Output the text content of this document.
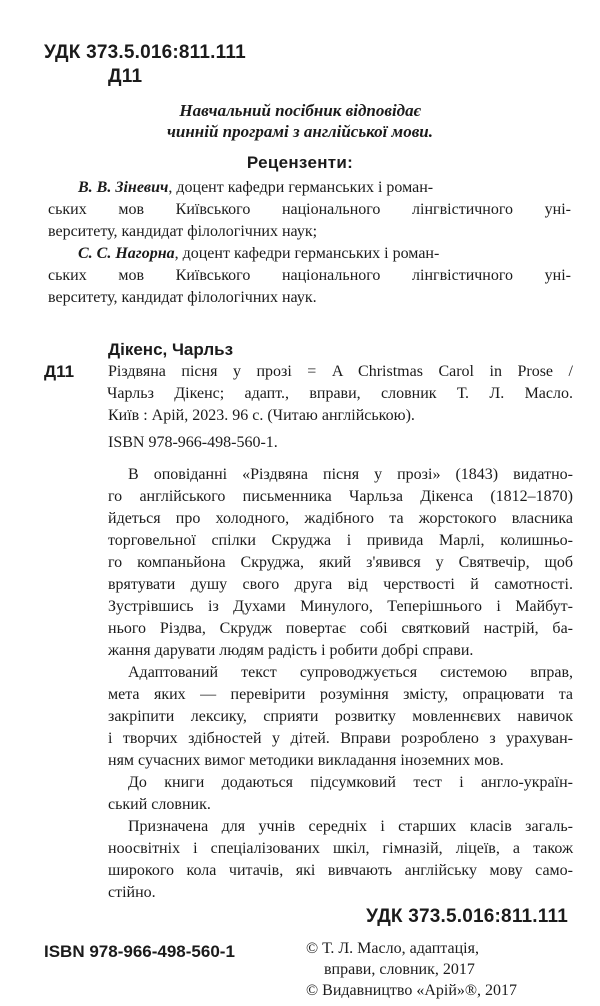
УДК 373.5.016:811.111
Д11
Навчальний посібник відповідає
чинній програмі з англійської мови.
Рецензенти:
В. В. Зіневич, доцент кафедри германських і роман-
ських мов Київського національного лінгвістичного уні-
верситету, кандидат філологічних наук;
С. С. Нагорна, доцент кафедри германських і роман-
ських мов Київського національного лінгвістичного уні-
верситету, кандидат філологічних наук.
Дікенс, Чарльз
Д11 Різдвяна пісня у прозі = A Christmas Carol in Prose /
Чарльз Дікенс; адапт., вправи, словник Т. Л. Масло.
Київ : Арій, 2023. 96 с. (Читаю англійською).
ISBN 978-966-498-560-1.
В оповіданні «Різдвяна пісня у прозі» (1843) видатно-
го англійського письменника Чарльза Дікенса (1812–1870)
йдеться про холодного, жадібного та жорстокого власника
торговельної спілки Скруджа і привида Марлі, колишньо-
го компаньйона Скруджа, який з'явився у Святвечір, щоб
врятувати душу свого друга від черствості й самотності.
Зустрівшись із Духами Минулого, Теперішнього і Майбут-
нього Різдва, Скрудж повертає собі святковий настрій, ба-
жання дарувати людям радість і робити добрі справи.
Адаптований текст супроводжується системою вправ,
мета яких — перевірити розуміння змісту, опрацювати та
закріпити лексику, сприяти розвитку мовленнєвих навичок
і творчих здібностей у дітей. Вправи розроблено з урахуван-
ням сучасних вимог методики викладання іноземних мов.
До книги додаються підсумковий тест і англо-україн-
ський словник.
Призначена для учнів середніх і старших класів загаль-
ноосвітніх і спеціалізованих шкіл, гімназій, ліцеїв, а також
широкого кола читачів, які вивчають англійську мову само-
стійно.
УДК 373.5.016:811.111
ISBN 978-966-498-560-1	© Т. Л. Масло, адаптація,
вправи, словник, 2017
© Видавництво «Арій»®, 2017
